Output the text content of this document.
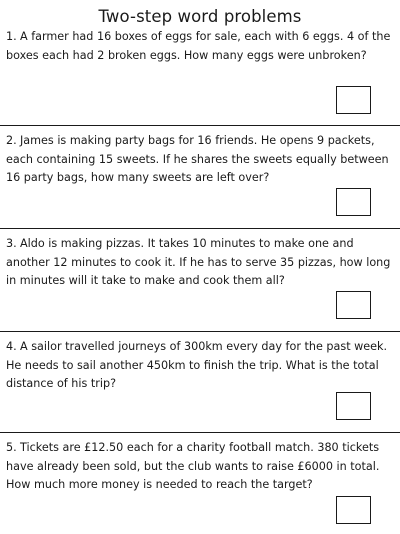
Two-step word problems
1. A farmer had 16 boxes of eggs for sale, each with 6 eggs. 4 of the boxes each had 2 broken eggs. How many eggs were unbroken?
2. James is making party bags for 16 friends. He opens 9 packets, each containing 15 sweets. If he shares the sweets equally between 16 party bags, how many sweets are left over?
3. Aldo is making pizzas. It takes 10 minutes to make one and another 12 minutes to cook it. If he has to serve 35 pizzas, how long in minutes will it take to make and cook them all?
4. A sailor travelled journeys of 300km every day for the past week. He needs to sail another 450km to finish the trip. What is the total distance of his trip?
5. Tickets are £12.50 each for a charity football match. 380 tickets have already been sold, but the club wants to raise £6000 in total. How much more money is needed to reach the target?
